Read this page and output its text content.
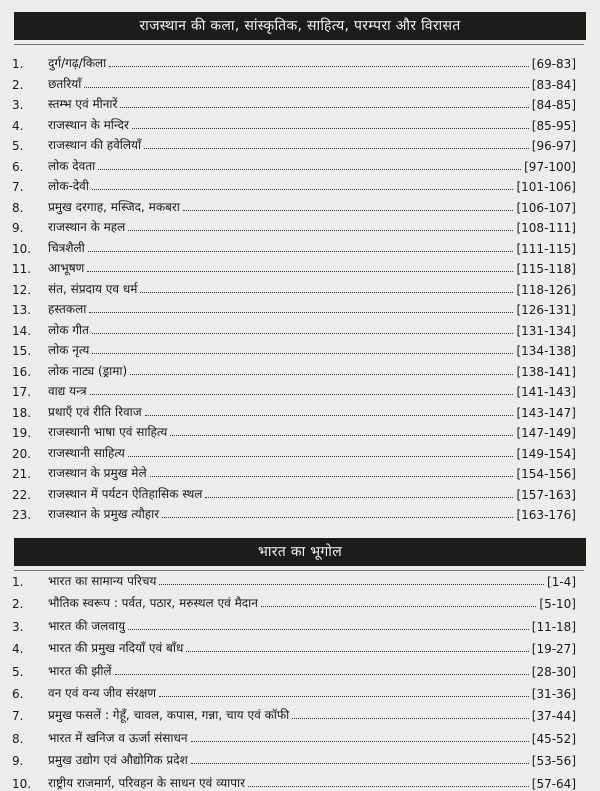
राजस्थान की कला, सांस्कृतिक, साहित्य, परम्परा और विरासत
1.	दुर्ग/गढ़/किला	[69-83]
2.	छतरियाँ	[83-84]
3.	स्तम्भ एवं मीनारें	[84-85]
4.	राजस्थान के मन्दिर	[85-95]
5.	राजस्थान की हवेलियाँ	[96-97]
6.	लोक देवता	[97-100]
7.	लोक-देवी	[101-106]
8.	प्रमुख दरगाह, मस्जिद, मकबरा	[106-107]
9.	राजस्थान के महल	[108-111]
10.	चित्रशैली	[111-115]
11.	आभूषण	[115-118]
12.	संत, संप्रदाय एव धर्म	[118-126]
13.	हस्तकला	[126-131]
14.	लोक गीत	[131-134]
15.	लोक नृत्य	[134-138]
16.	लोक नाट्य (ड्रामा)	[138-141]
17.	वाद्य यन्त्र	[141-143]
18.	प्रथाएँ एवं रीति रिवाज	[143-147]
19.	राजस्थानी भाषा एवं साहित्य	[147-149]
20.	राजस्थानी साहित्य	[149-154]
21.	राजस्थान के प्रमुख मेले	[154-156]
22.	राजस्थान में पर्यटन ऐतिहासिक स्थल	[157-163]
23.	राजस्थान के प्रमुख त्यौहार	[163-176]
भारत का भूगोल
1.	भारत का सामान्य परिचय	[1-4]
2.	भौतिक स्वरूप : पर्वत, पठार, मरुस्थल एवं मैदान	[5-10]
3.	भारत की जलवायु	[11-18]
4.	भारत की प्रमुख नदियाँ एवं बाँध	[19-27]
5.	भारत की झीलें	[28-30]
6.	वन एवं वन्य जीव संरक्षण	[31-36]
7.	प्रमुख फसलें : गेहूँ, चावल, कपास, गन्ना, चाय एवं कॉफी	[37-44]
8.	भारत में खनिज व ऊर्जा संसाधन	[45-52]
9.	प्रमुख उद्योग एवं औद्योगिक प्रदेश	[53-56]
10.	राष्ट्रीय राजमार्ग, परिवहन के साधन एवं व्यापार	[57-64]
